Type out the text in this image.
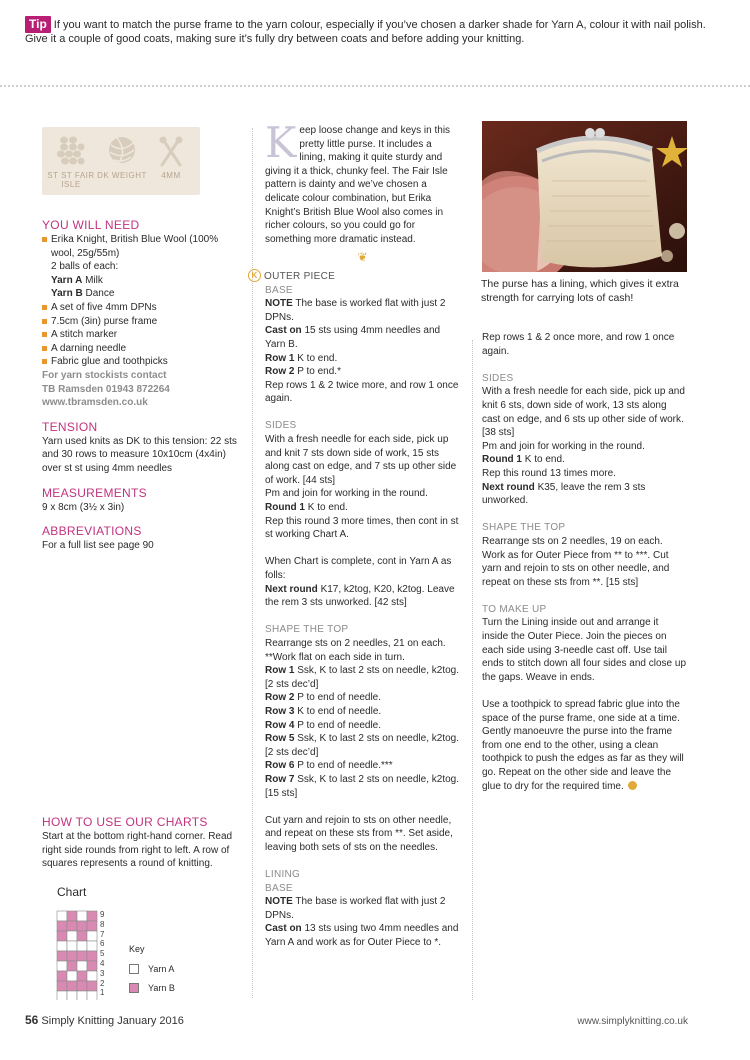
Tip If you want to match the purse frame to the yarn colour, especially if you’ve chosen a darker shade for Yarn A, colour it with nail polish. Give it a couple of good coats, making sure it’s fully dry between coats and before adding your knitting.
ST ST FAIR ISLE
DK WEIGHT	4MM
YOU WILL NEED
Erika Knight, British Blue Wool (100% wool, 25g/55m)
2 balls of each:
Yarn A Milk
Yarn B Dance
A set of five 4mm DPNs
7.5cm (3in) purse frame
A stitch marker
A darning needle
Fabric glue and toothpicks
For yarn stockists contact
TB Ramsden 01943 872264
www.tbramsden.co.uk
TENSION
Yarn used knits as DK to this tension: 22 sts and 30 rows to measure 10x10cm (4x4in) over st st using 4mm needles
MEASUREMENTS
9 x 8cm (3½ x 3in)
ABBREVIATIONS
For a full list see page 90
HOW TO USE OUR CHARTS
Start at the bottom right-hand corner. Read right side rounds from right to left. A row of squares represents a round of knitting.
Chart
9
8
7
6
5
4
3
2
1
Key
Yarn A
Yarn B

Keep loose change and keys in this pretty little purse. It includes a lining, making it quite sturdy and giving it a thick, chunky feel. The Fair Isle pattern is dainty and we’ve chosen a delicate colour combination, but Erika Knight’s British Blue Wool also comes in richer colours, so you could go for something more dramatic instead.

❦
K OUTER PIECE
BASE

NOTE The base is worked flat with just 2 DPNs.

Cast on 15 sts using 4mm needles and Yarn B.

Row 1 K to end.

Row 2 P to end.*

Rep rows 1 & 2 twice more, and row 1 once again.

SIDES

With a fresh needle for each side, pick up and knit 7 sts down side of work, 15 sts along cast on edge, and 7 sts up other side of work. [44 sts]

Pm and join for working in the round.

Round 1 K to end.

Rep this round 3 more times, then cont in st st working Chart A.

When Chart is complete, cont in Yarn A as folls:

Next round K17, k2tog, K20, k2tog. Leave the rem 3 sts unworked. [42 sts]

SHAPE THE TOP

Rearrange sts on 2 needles, 21 on each. **Work flat on each side in turn.

Row 1 Ssk, K to last 2 sts on needle, k2tog. [2 sts dec’d]

Row 2 P to end of needle.

Row 3 K to end of needle.

Row 4 P to end of needle.

Row 5 Ssk, K to last 2 sts on needle, k2tog. [2 sts dec’d]

Row 6 P to end of needle.***

Row 7 Ssk, K to last 2 sts on needle, k2tog. [15 sts]

Cut yarn and rejoin to sts on other needle, and repeat on these sts from **. Set aside, leaving both sets of sts on the needles.

LINING
BASE

NOTE The base is worked flat with just 2 DPNs.

Cast on 13 sts using two 4mm needles and Yarn A and work as for Outer Piece to *.

The purse has a lining, which gives it extra strength for carrying lots of cash!

Rep rows 1 & 2 once more, and row 1 once again.

SIDES

With a fresh needle for each side, pick up and knit 6 sts, down side of work, 13 sts along cast on edge, and 6 sts up other side of work. [38 sts]

Pm and join for working in the round.

Round 1 K to end.

Rep this round 13 times more.

Next round K35, leave the rem 3 sts unworked.

SHAPE THE TOP

Rearrange sts on 2 needles, 19 on each. Work as for Outer Piece from ** to ***. Cut yarn and rejoin to sts on other needle, and repeat on these sts from **. [15 sts]

TO MAKE UP

Turn the Lining inside out and arrange it inside the Outer Piece. Join the pieces on each side using 3-needle cast off. Use tail ends to stitch down all four sides and close up the gaps. Weave in ends.

Use a toothpick to spread fabric glue into the space of the purse frame, one side at a time. Gently manoeuvre the purse into the frame from one end to the other, using a clean toothpick to push the edges as far as they will go. Repeat on the other side and leave the glue to dry for the required time.

56 Simply Knitting January 2016	www.simplyknitting.co.uk
